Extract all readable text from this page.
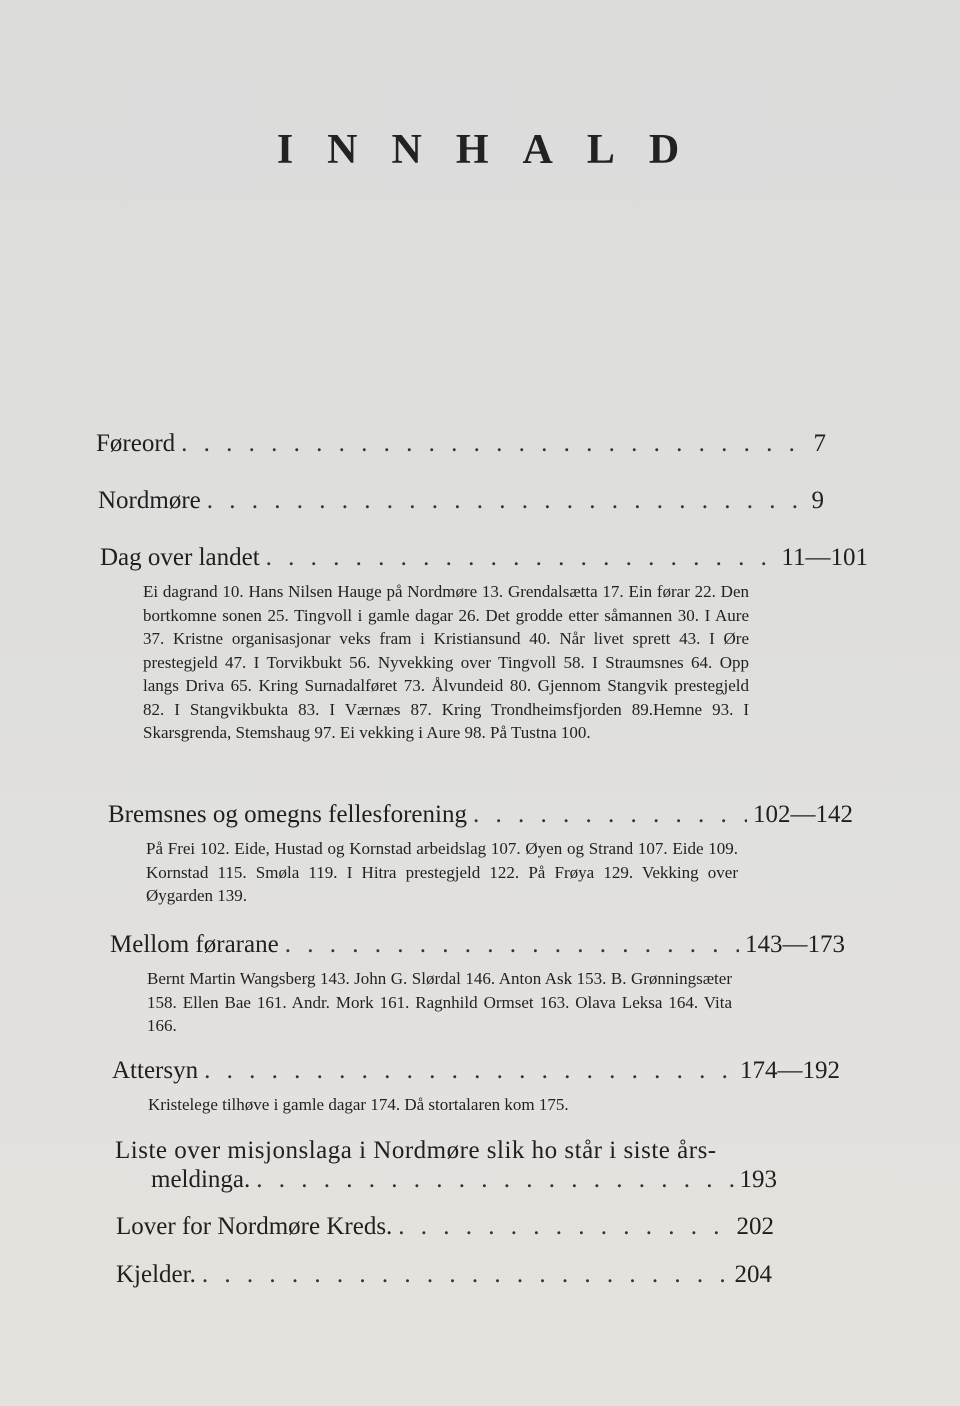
INNHALD
Føreord . . .	7
Nordmøre . . .	9
Dag over landet . . .	11—101
Ei dagrand 10. Hans Nilsen Hauge på Nordmøre 13. Grendalsætta 17. Ein førar 22. Den bortkomne sonen 25. Tingvoll i gamle dagar 26. Det grodde etter såmannen 30. I Aure 37. Kristne organisasjonar veks fram i Kristiansund 40. Når livet sprett 43. I Øre prestegjeld 47. I Torvikbukt 56. Nyvekking over Tingvoll 58. I Straumsnes 64. Opp langs Driva 65. Kring Surnadalføret 73. Ålvundeid 80. Gjennom Stangvik prestegjeld 82. I Stangvikbukta 83. I Værnæs 87. Kring Trondheimsfjorden 89.Hemne 93. I Skarsgrenda, Stemshaug 97. Ei vekking i Aure 98. På Tustna 100.
Bremsnes og omegns fellesforening . . .	102—142
På Frei 102. Eide, Hustad og Kornstad arbeidslag 107. Øyen og Strand 107. Eide 109. Kornstad 115. Smøla 119. I Hitra prestegjeld 122. På Frøya 129. Vekking over Øygarden 139.
Mellom førarane . . .	143—173
Bernt Martin Wangsberg 143. John G. Slørdal 146. Anton Ask 153. B. Grønningsæter 158. Ellen Bae 161. Andr. Mork 161. Ragnhild Ormset 163. Olava Leksa 164. Vita 166.
Attersyn . . .	174—192
Kristelege tilhøve i gamle dagar 174. Då stortalaren kom 175.
Liste over misjonslaga i Nordmøre slik ho står i siste års-
meldinga. . . .	193
Lover for Nordmøre Kreds. . . .	202
Kjelder. . . .	204
